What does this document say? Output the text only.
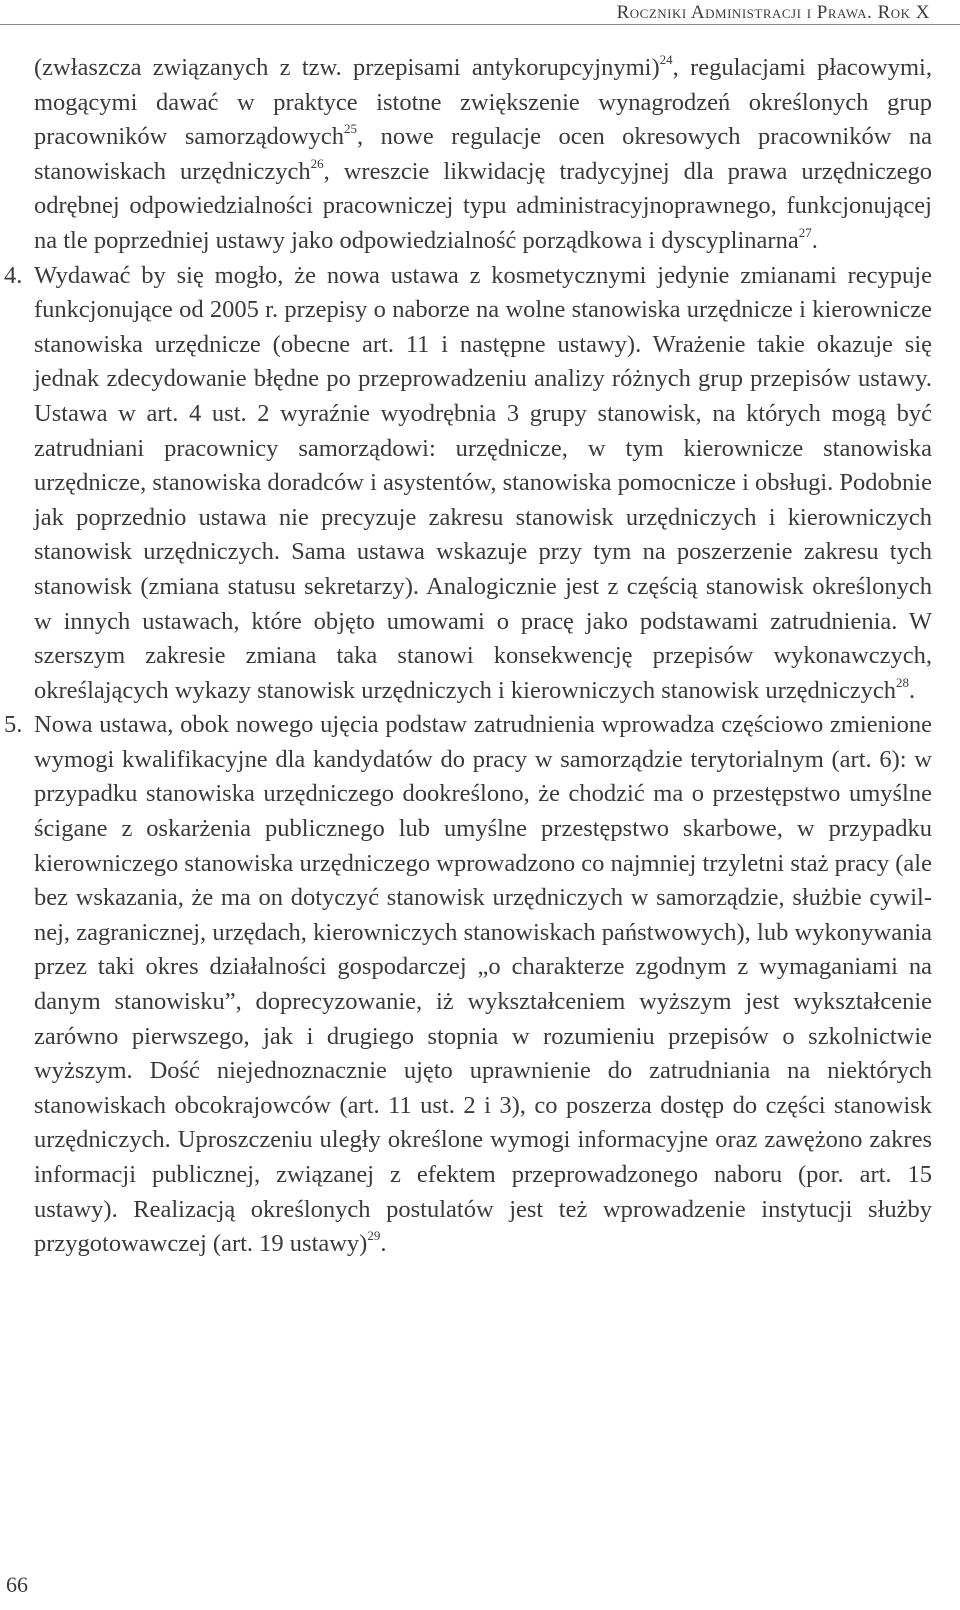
Roczniki Administracji i Prawa. Rok X

(zwłaszcza związanych z tzw. przepisami antykorupcyjnymi)$^{24}$, regulacjami płacowymi, mogącymi dawać w praktyce istotne zwiększenie wynagrodzeń określonych grup pracowników samorządowych$^{25}$, nowe regulacje ocen okresowych pracowników na stanowiskach urzędniczych$^{26}$, wreszcie likwidację tradycyjnej dla prawa urzędniczego odrębnej odpowiedzialności pracowniczej typu administracyjnoprawnego, funkcjonującej na tle poprzedniej ustawy jako odpowiedzialność porządkowa i dyscyplinarna$^{27}$.

4. Wydawać by się mogło, że nowa ustawa z kosmetycznymi jedynie zmianami recypuje funkcjonujące od 2005 r. przepisy o naborze na wolne stanowiska urzędnicze i kierownicze stanowiska urzędnicze (obecne art. 11 i następne ustawy). Wrażenie takie okazuje się jednak zdecydowanie błędne po przeprowadzeniu analizy różnych grup przepisów ustawy. Ustawa w art. 4 ust. 2 wyraźnie wyodrębnia 3 grupy stanowisk, na których mogą być zatrudniani pracownicy samorządowi: urzędnicze, w tym kierownicze stanowiska urzędnicze, stanowiska doradców i asystentów, stanowiska pomocnicze i obsługi. Podobnie jak poprzednio ustawa nie precyzuje zakresu stanowisk urzędniczych i kierowniczych stanowisk urzędniczych. Sama ustawa wskazuje przy tym na poszerzenie zakresu tych stanowisk (zmiana statusu sekretarzy). Analogicznie jest z częścią stanowisk określonych w innych ustawach, które objęto umowami o pracę jako podstawami zatrudnienia. W szerszym zakresie zmiana taka stanowi konsekwencję przepisów wykonawczych, określających wykazy stanowisk urzędniczych i kierowniczych stanowisk urzędniczych$^{28}$.

5. Nowa ustawa, obok nowego ujęcia podstaw zatrudnienia wprowadza częściowo zmienione wymogi kwalifikacyjne dla kandydatów do pracy w samorządzie terytorialnym (art. 6): w przypadku stanowiska urzędniczego dookreślono, że chodzić ma o przestępstwo umyślne ścigane z oskarżenia publicznego lub umyślne przestępstwo skarbowe, w przypadku kierowniczego stanowiska urzędniczego wprowadzono co najmniej trzyletni staż pracy (ale bez wskazania, że ma on dotyczyć stanowisk urzędniczych w samorządzie, służbie cywilnej, zagranicznej, urzędach, kierowniczych stanowiskach państwowych), lub wykonywania przez taki okres działalności gospodarczej „o charakterze zgodnym z wymaganiami na danym stanowisku”, doprecyzowanie, iż wykształceniem wyższym jest wykształcenie zarówno pierwszego, jak i drugiego stopnia w rozumieniu przepisów o szkolnictwie wyższym. Dość niejednoznacznie ujęto uprawnienie do zatrudniania na niektórych stanowiskach obcokrajowców (art. 11 ust. 2 i 3), co poszerza dostęp do części stanowisk urzędniczych. Uproszczeniu uległy określone wymogi informacyjne oraz zawężono zakres informacji publicznej, związanej z efektem przeprowadzonego naboru (por. art. 15 ustawy). Realizacją określonych postulatów jest też wprowadzenie instytucji służby przygotowawczej (art. 19 ustawy)$^{29}$.

66
